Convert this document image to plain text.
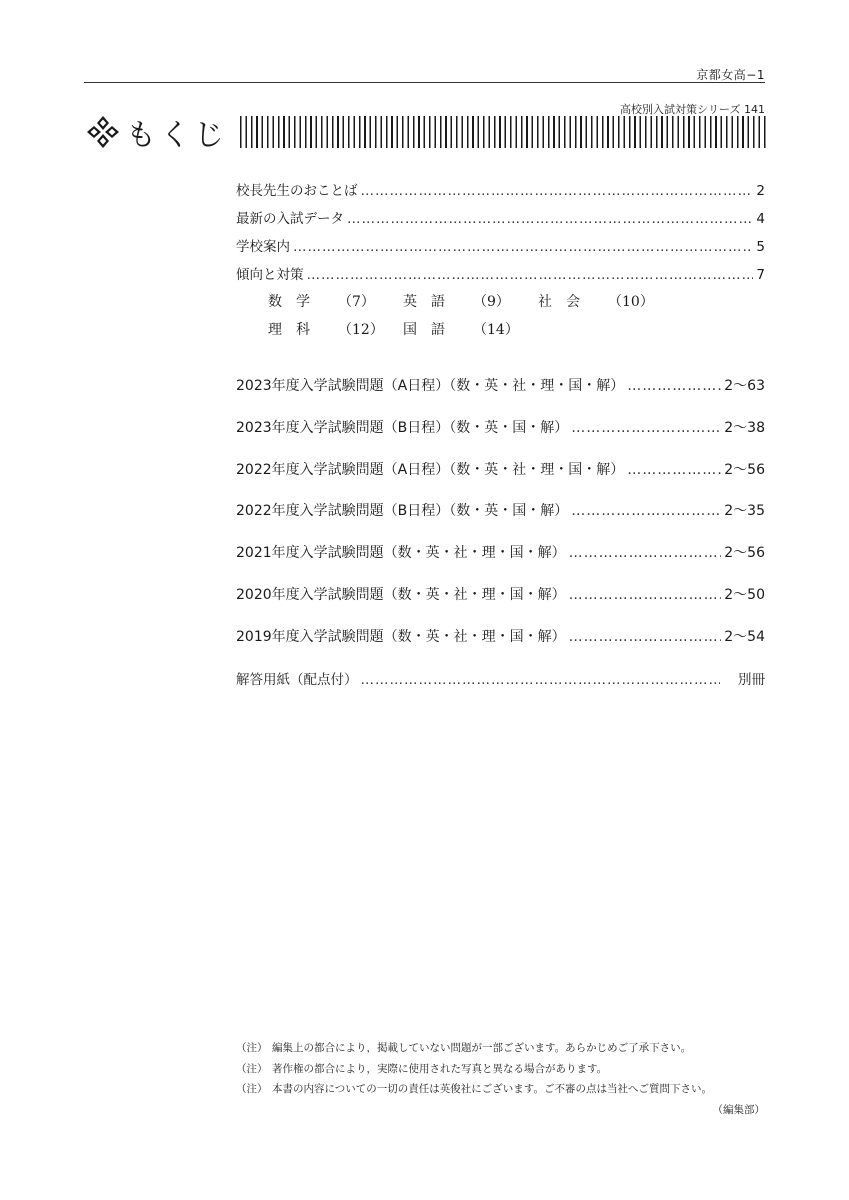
京都女高−1
高校別入試対策シリーズ 141
もくじ
校長先生のおことば …………………………………………………………………………………………………………………………………………………………	2
最新の入試データ …………………………………………………………………………………………………………………………………………………………	4
学校案内 …………………………………………………………………………………………………………………………………………………………	5
傾向と対策 …………………………………………………………………………………………………………………………………………………………	7
数　学 （7） 英　語 （9） 社　会 （10）
理　科 （12） 国　語 （14）
2023年度入学試験問題（A日程）（数・英・社・理・国・解） …………………………………………………………………………………………………………………………………………………………	2〜63
2023年度入学試験問題（B日程）（数・英・国・解） …………………………………………………………………………………………………………………………………………………………	2〜38
2022年度入学試験問題（A日程）（数・英・社・理・国・解） …………………………………………………………………………………………………………………………………………………………	2〜56
2022年度入学試験問題（B日程）（数・英・国・解） …………………………………………………………………………………………………………………………………………………………	2〜35
2021年度入学試験問題（数・英・社・理・国・解） …………………………………………………………………………………………………………………………………………………………	2〜56
2020年度入学試験問題（数・英・社・理・国・解） …………………………………………………………………………………………………………………………………………………………	2〜50
2019年度入学試験問題（数・英・社・理・国・解） …………………………………………………………………………………………………………………………………………………………	2〜54
解答用紙（配点付） …………………………………………………………………………………………………………………………………………………………	別冊
（注） 編集上の都合により，掲載していない問題が一部ございます。あらかじめご了承下さい。
（注） 著作権の都合により，実際に使用された写真と異なる場合があります。
（注） 本書の内容についての一切の責任は英俊社にございます。ご不審の点は当社へご質問下さい。
（編集部）
